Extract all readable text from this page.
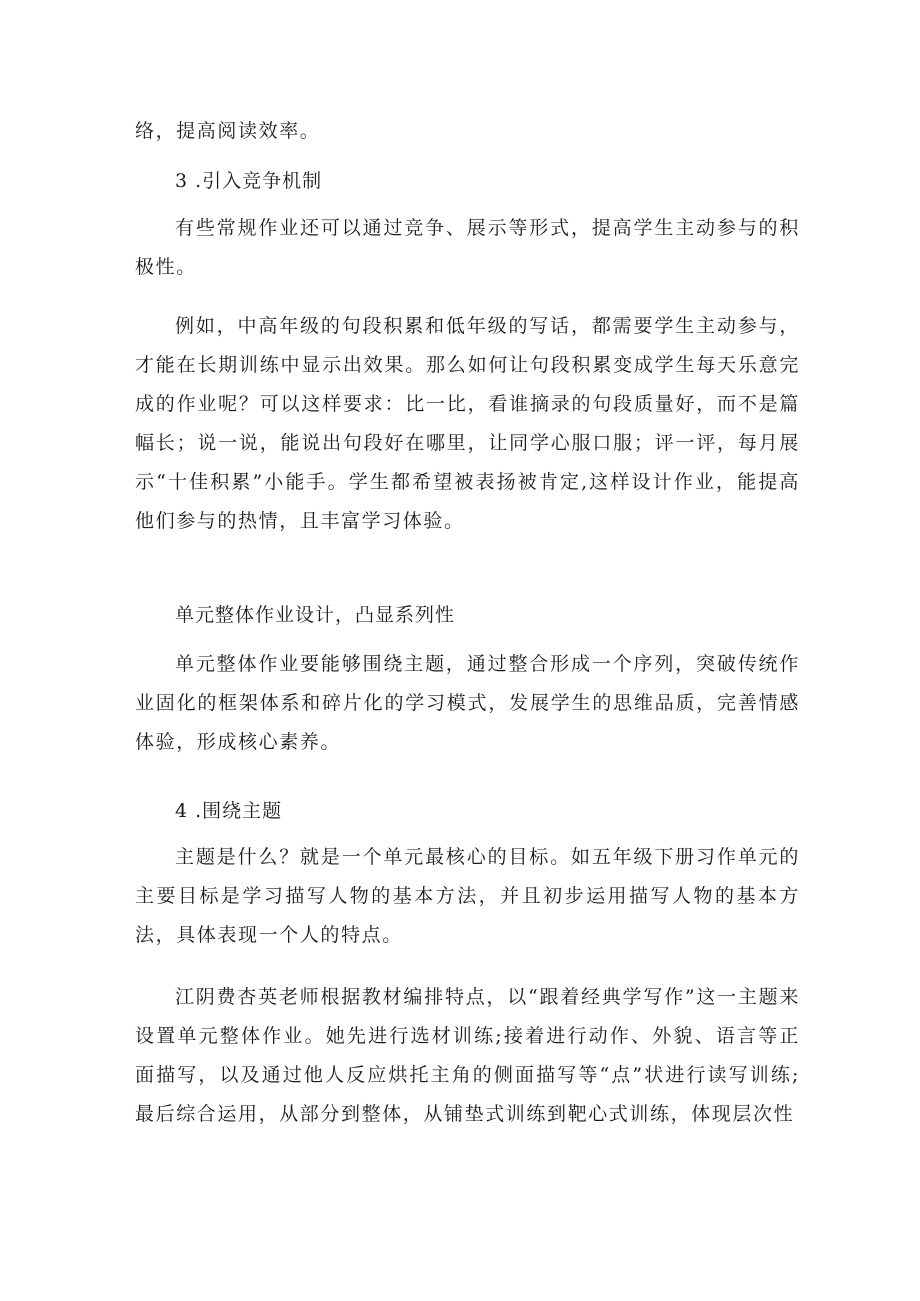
络，提高阅读效率。

3 .引入竞争机制

有些常规作业还可以通过竞争、展示等形式，提高学生主动参与的积极性。

例如，中高年级的句段积累和低年级的写话，都需要学生主动参与，才能在长期训练中显示出效果。那么如何让句段积累变成学生每天乐意完成的作业呢？可以这样要求：比一比，看谁摘录的句段质量好，而不是篇幅长；说一说，能说出句段好在哪里，让同学心服口服；评一评，每月展示“十佳积累”小能手。学生都希望被表扬被肯定,这样设计作业，能提高他们参与的热情，且丰富学习体验。

单元整体作业设计，凸显系列性

单元整体作业要能够围绕主题，通过整合形成一个序列，突破传统作业固化的框架体系和碎片化的学习模式，发展学生的思维品质，完善情感体验，形成核心素养。

4 .围绕主题

主题是什么？就是一个单元最核心的目标。如五年级下册习作单元的主要目标是学习描写人物的基本方法，并且初步运用描写人物的基本方法，具体表现一个人的特点。

江阴费杏英老师根据教材编排特点，以“跟着经典学写作”这一主题来设置单元整体作业。她先进行选材训练;接着进行动作、外貌、语言等正面描写，以及通过他人反应烘托主角的侧面描写等“点”状进行读写训练;最后综合运用，从部分到整体，从铺垫式训练到靶心式训练，体现层次性
